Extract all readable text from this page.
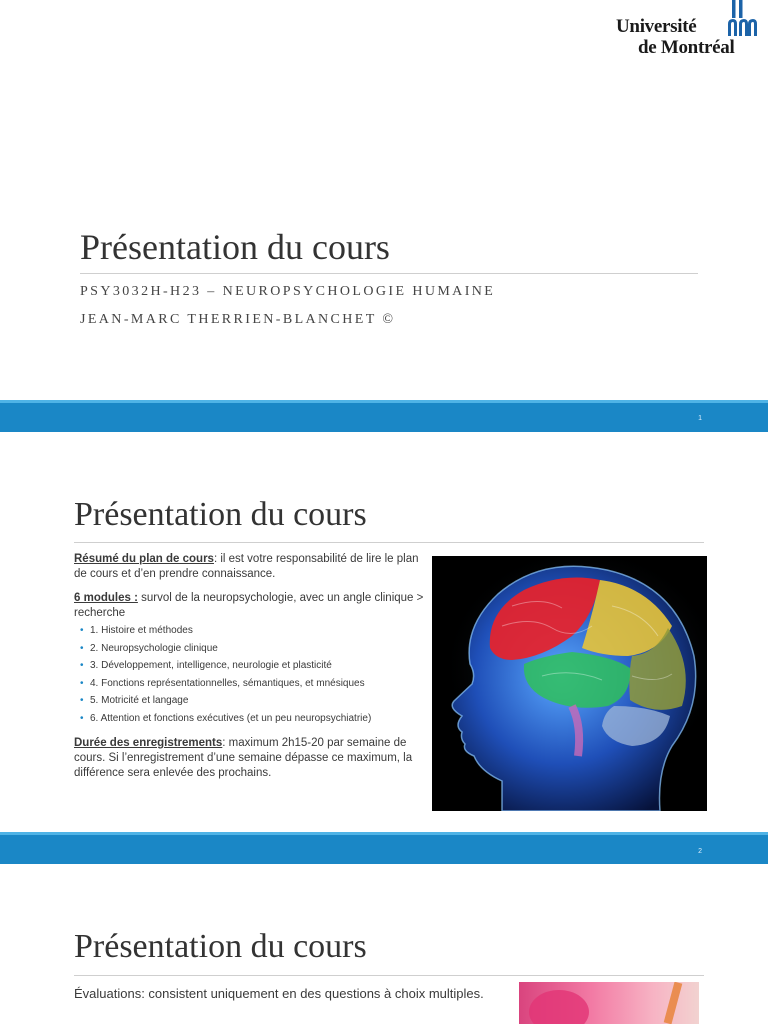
Université
de Montréal
Présentation du cours
PSY3032H-H23 – NEUROPSYCHOLOGIE HUMAINE
JEAN-MARC THERRIEN-BLANCHET ©
1
Présentation du cours
Résumé du plan de cours: il est votre responsabilité de lire le plan de cours et d’en prendre connaissance.
6 modules : survol de la neuropsychologie, avec un angle clinique > recherche
• 1. Histoire et méthodes
• 2. Neuropsychologie clinique
• 3. Développement, intelligence, neurologie et plasticité
• 4. Fonctions représentationnelles, sémantiques, et mnésiques
• 5. Motricité et langage
• 6. Attention et fonctions exécutives (et un peu neuropsychiatrie)
Durée des enregistrements: maximum 2h15-20 par semaine de cours. Si l’enregistrement d’une semaine dépasse ce maximum, la différence sera enlevée des prochains.
2
Présentation du cours
Évaluations: consistent uniquement en des questions à choix multiples.
